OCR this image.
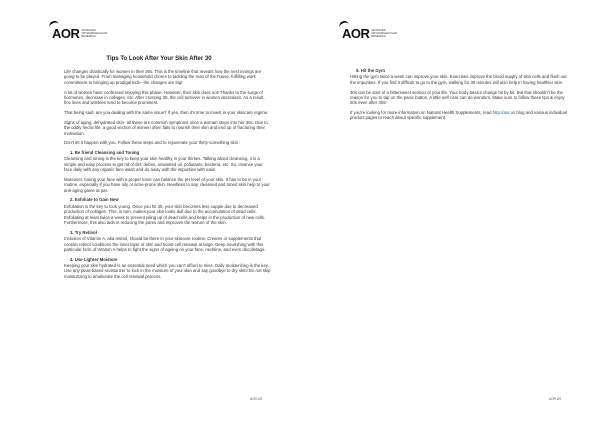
AOR ADVANCED ORTHOMOLECULAR RESEARCH
Tips To Look After Your Skin After 30

Life changes drastically for women in their 30s. This is the timeline that reveals how the next innings are going to be played. From managing household chores to tackling the man of the house, fulfilling work commitment to bringing up prodigal kids– the changes are big!

A lot of women have confessed enjoying this phase. However, their skin does not! Thanks to the surge of hormones, decrease in collagen, etc. After crossing 30, the cell turnover in women decreases. As a result, fine lines and wrinkles tend to become prominent.

That being said, are you dealing with the same issue? If yes, then it's time to invest in your skincare regime.

Signs of aging, dehydrated skin- all these are common symptoms once a woman steps into her 30s. Due to the oddly hectic life, a good section of women often fails to nourish their skin and end up of fracturing their motivation.

Don't let it happen with you. Follow these steps and to rejuvenate your thirty-something skin :

1. Be friend Cleansing and Toning

Cleansing and toning is the key to keep your skin healthy in your thirties. Talking about cleansing, it is a simple and easy process to get rid of dirt, debris, unwanted oil, pollutants, bacteria, etc. So, cleanse your face daily with any organic face wash and do away with the impurities with ease.

Moreover, toning your face with a proper toner can balance the pH level of your skin. It has to be in your routine, especially if you have oily or acne-prone skin. Needless to say, cleansed and toned skin help to your anti-aging game at par.

2. Exfoliate to Gain New

Exfoliation is the key to look young. Once you hit 30, your skin becomes less supple due to decreased production of collagen. This, in turn, makes your skin looks dull due to the accumulation of dead cells. Exfoliating at least twice a week to prevent piling up of dead cells and helps in the production of new cells. Furthermore, this also aids in reducing the pores and improves the texture of the skin.

3. Try Retinol

Inclusion of Vitamin A, aka retinol, should be there in your skincare routine. Creams or supplements that contain retinol conditions the inner layer of skin and boost cell renewal at large. Deep nourishing with this particular form of Vitamin A helps to fight the signs of ageing on your face, neckline, and even décolletage.

4. Use Lighter Moisture

Keeping your skin hydrated is an essential need which you can't afford to miss. Daily moisturizing is the key. Use any plant-based moisturizer to lock in the moisture of your skin and say goodbye to dry skin! Do not skip moisturizing to ameliorate the cell renewal process.

AOR.US
AOR ADVANCED ORTHOMOLECULAR RESEARCH
5. Hit the Gym

Hitting the gym twice a week can improve your skin. Exercises improve the blood supply of skin cells and flush out the impurities. If you find it difficult to go to the gym, walking for 30 minutes will also help in having healthier skin.

30s can be start of a bittersweet version of your life. Your body basics change bit by bit. But that shouldn't be the reason for you to tap on the panic button. A little self-care can do wonders. Make sure to follow these tips & enjoy 20s even after 30s!

If you're looking for more information on Natural Health Supplements, read http://aor.us blog and various individual product pages to reach about specific supplement.

AOR.US
